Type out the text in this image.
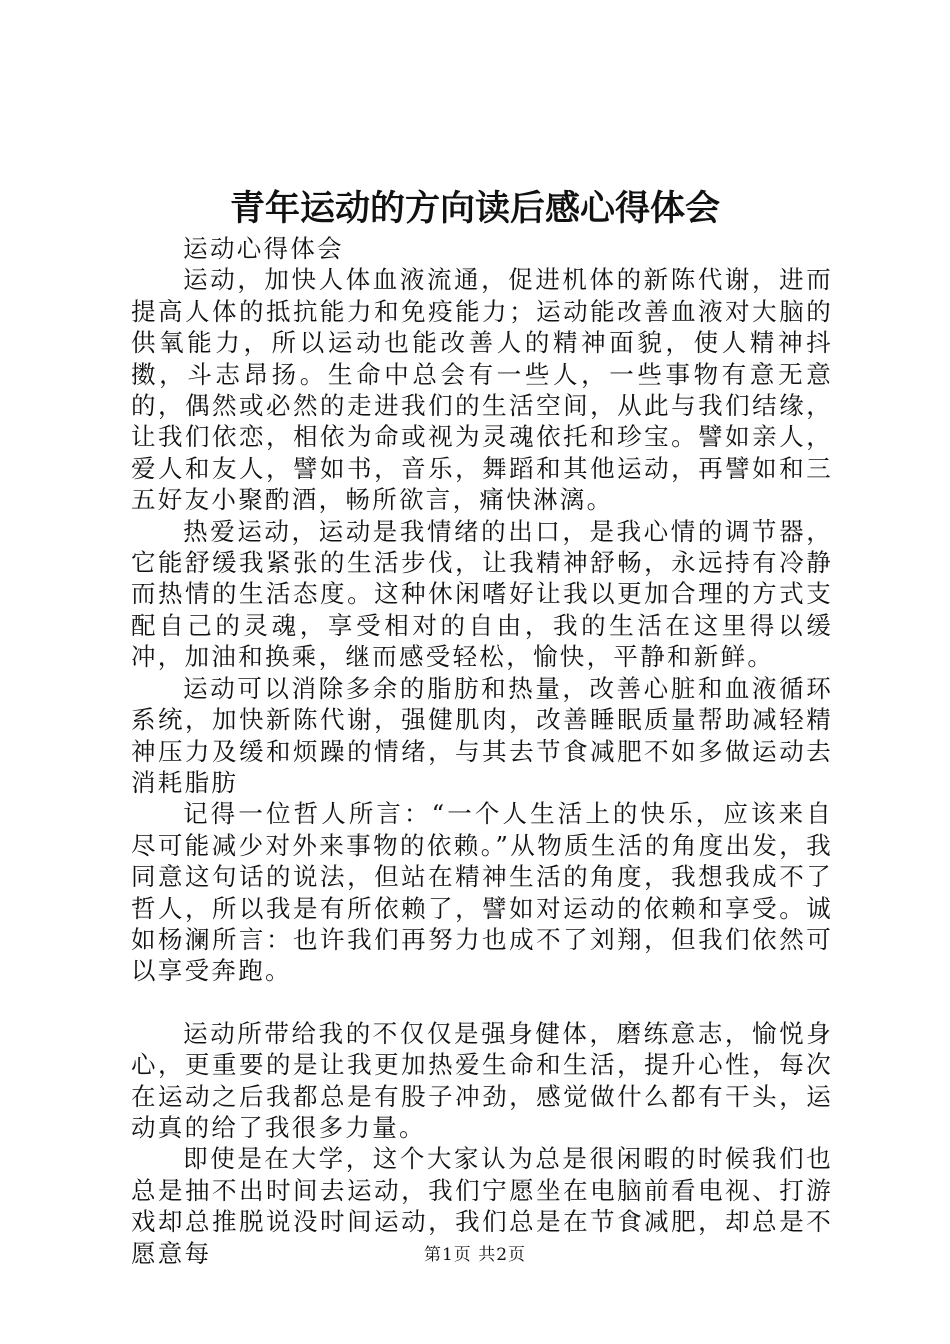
青年运动的方向读后感心得体会

运动心得体会

运动，加快人体血液流通，促进机体的新陈代谢，进而提高人体的抵抗能力和免疫能力；运动能改善血液对大脑的供氧能力，所以运动也能改善人的精神面貌，使人精神抖擞，斗志昂扬。生命中总会有一些人，一些事物有意无意的，偶然或必然的走进我们的生活空间，从此与我们结缘，让我们依恋，相依为命或视为灵魂依托和珍宝。譬如亲人，爱人和友人，譬如书，音乐，舞蹈和其他运动，再譬如和三五好友小聚酌酒，畅所欲言，痛快淋漓。

热爱运动，运动是我情绪的出口，是我心情的调节器，它能舒缓我紧张的生活步伐，让我精神舒畅，永远持有冷静而热情的生活态度。这种休闲嗜好让我以更加合理的方式支配自己的灵魂，享受相对的自由，我的生活在这里得以缓冲，加油和换乘，继而感受轻松，愉快，平静和新鲜。

运动可以消除多余的脂肪和热量，改善心脏和血液循环系统，加快新陈代谢，强健肌肉，改善睡眠质量帮助减轻精神压力及缓和烦躁的情绪，与其去节食减肥不如多做运动去消耗脂肪

记得一位哲人所言：“一个人生活上的快乐，应该来自尽可能减少对外来事物的依赖。”从物质生活的角度出发，我同意这句话的说法，但站在精神生活的角度，我想我成不了哲人，所以我是有所依赖了，譬如对运动的依赖和享受。诚如杨澜所言：也许我们再努力也成不了刘翔，但我们依然可以享受奔跑。

运动所带给我的不仅仅是强身健体，磨练意志，愉悦身心，更重要的是让我更加热爱生命和生活，提升心性，每次在运动之后我都总是有股子冲劲，感觉做什么都有干头，运动真的给了我很多力量。

即使是在大学，这个大家认为总是很闲暇的时候我们也总是抽不出时间去运动，我们宁愿坐在电脑前看电视、打游戏却总推脱说没时间运动，我们总是在节食减肥，却总是不愿意每	第1页 共2页
